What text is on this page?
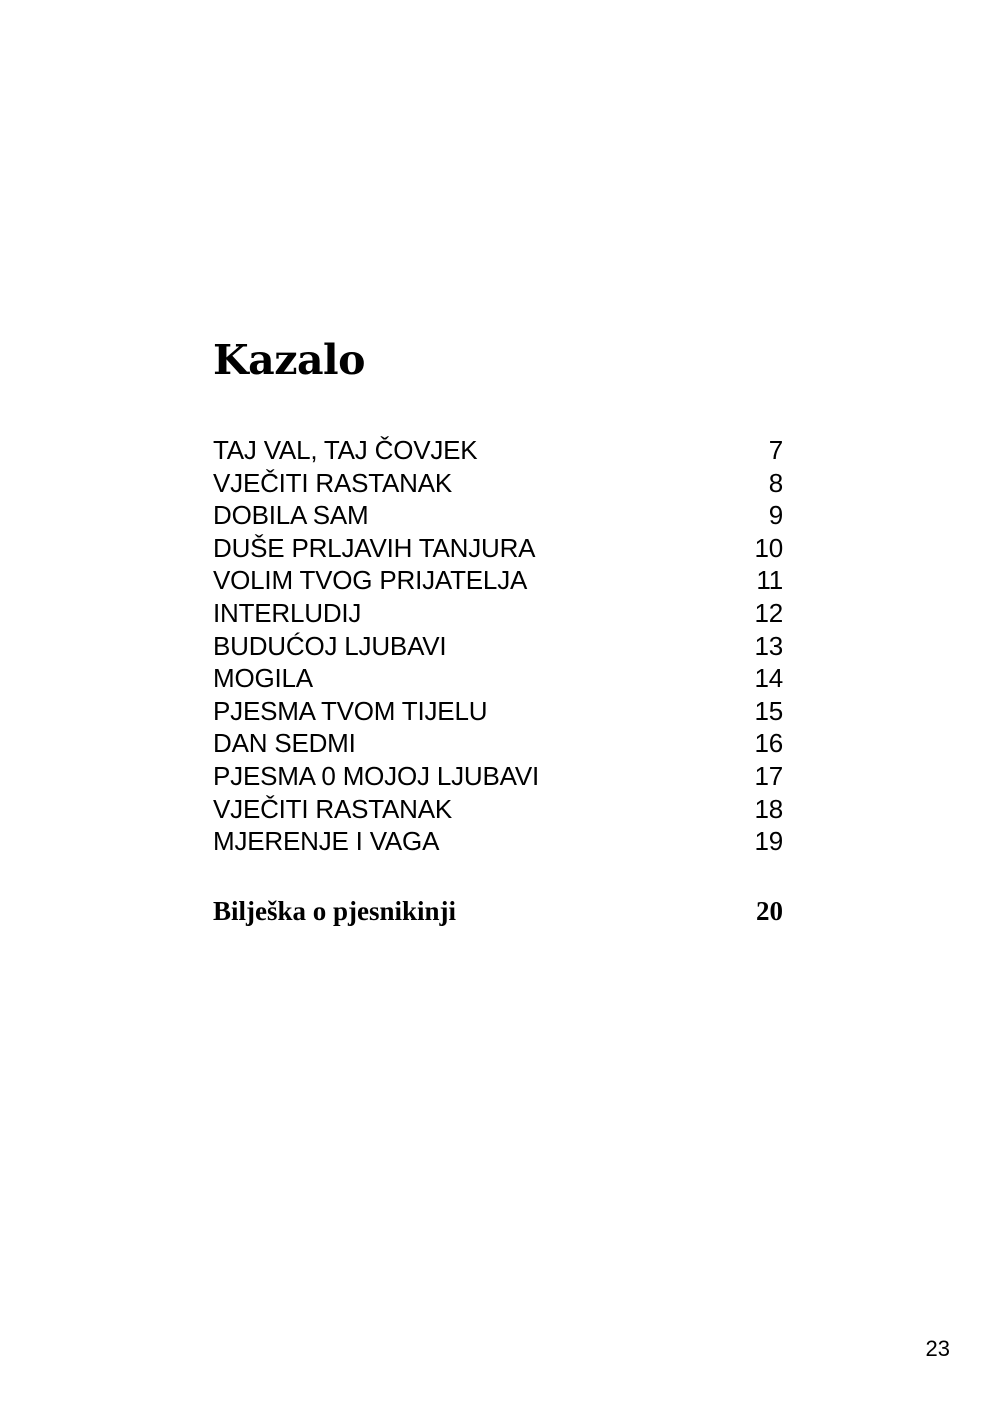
Kazalo
TAJ VAL, TAJ ČOVJEK	7
VJEČITI RASTANAK	8
DOBILA SAM	9
DUŠE PRLJAVIH TANJURA	10
VOLIM TVOG PRIJATELJA	11
INTERLUDIJ	12
BUDUĆOJ LJUBAVI	13
MOGILA	14
PJESMA TVOM TIJELU	15
DAN SEDMI	16
PJESMA 0 MOJOJ LJUBAVI	17
VJEČITI RASTANAK	18
MJERENJE I VAGA	19
Bilješka o pjesnikinji	20
23
